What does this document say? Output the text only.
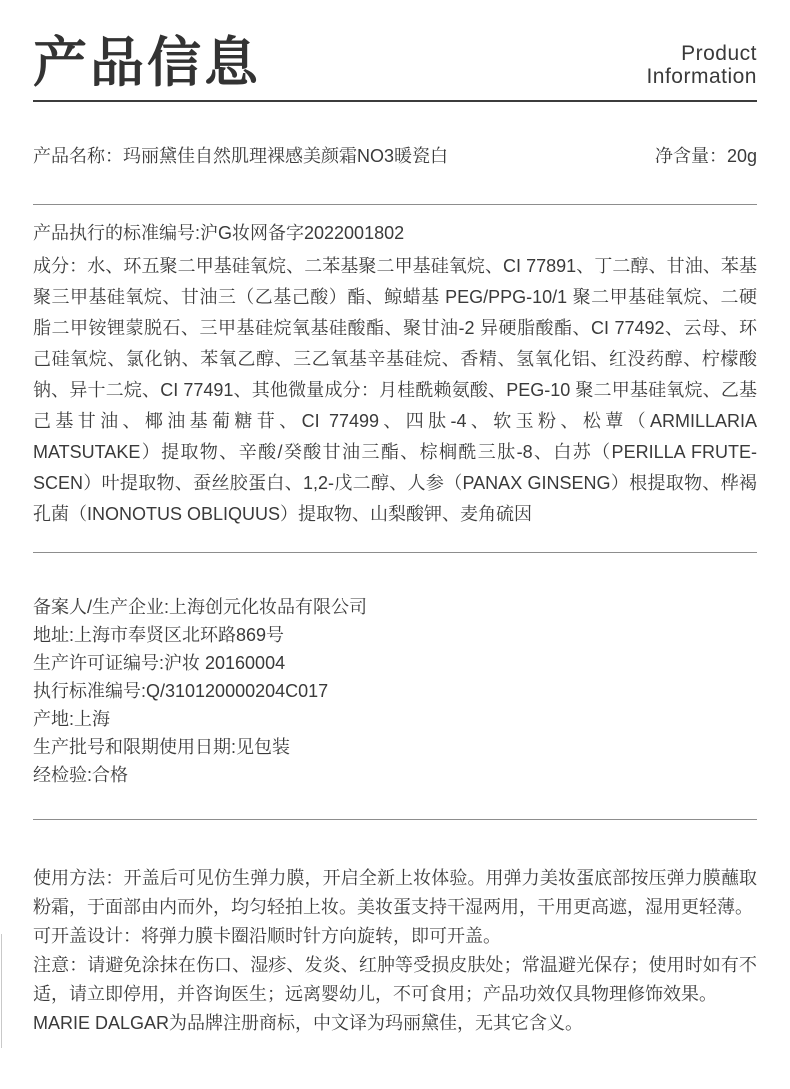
产品信息	Product
Information
产品名称：玛丽黛佳自然肌理裸感美颜霜NO3暖瓷白	净含量：20g
产品执行的标准编号:沪G妆网备字2022001802
成分：水、环五聚二甲基硅氧烷、二苯基聚二甲基硅氧烷、CI 77891、丁二醇、甘油、苯基聚三甲基硅氧烷、甘油三（乙基己酸）酯、鲸蜡基 PEG/PPG-10/1 聚二甲基硅氧烷、二硬脂二甲铵锂蒙脱石、三甲基硅烷氧基硅酸酯、聚甘油-2 异硬脂酸酯、CI 77492、云母、环己硅氧烷、氯化钠、苯氧乙醇、三乙氧基辛基硅烷、香精、氢氧化铝、红没药醇、柠檬酸钠、异十二烷、CI 77491、其他微量成分：月桂酰赖氨酸、PEG-10 聚二甲基硅氧烷、乙基己基甘油、椰油基葡糖苷、CI 77499、四肽-4、软玉粉、松蕈（ARMILLARIA MATSUTAKE）提取物、辛酸/癸酸甘油三酯、棕榈酰三肽-8、白苏（PERILLA FRUTE-SCEN）叶提取物、蚕丝胶蛋白、1,2-戊二醇、人参（PANAX GINSENG）根提取物、桦褐孔菌（INONOTUS OBLIQUUS）提取物、山梨酸钾、麦角硫因
备案人/生产企业:上海创元化妆品有限公司
地址:上海市奉贤区北环路869号
生产许可证编号:沪妆 20160004
执行标准编号:Q/310120000204C017
产地:上海
生产批号和限期使用日期:见包装
经检验:合格

使用方法：开盖后可见仿生弹力膜，开启全新上妆体验。用弹力美妆蛋底部按压弹力膜蘸取粉霜，于面部由内而外，均匀轻拍上妆。美妆蛋支持干湿两用，干用更高遮，湿用更轻薄。

可开盖设计：将弹力膜卡圈沿顺时针方向旋转，即可开盖。

注意：请避免涂抹在伤口、湿疹、发炎、红肿等受损皮肤处；常温避光保存；使用时如有不适，请立即停用，并咨询医生；远离婴幼儿，不可食用；产品功效仅具物理修饰效果。

MARIE DALGAR为品牌注册商标，中文译为玛丽黛佳，无其它含义。
